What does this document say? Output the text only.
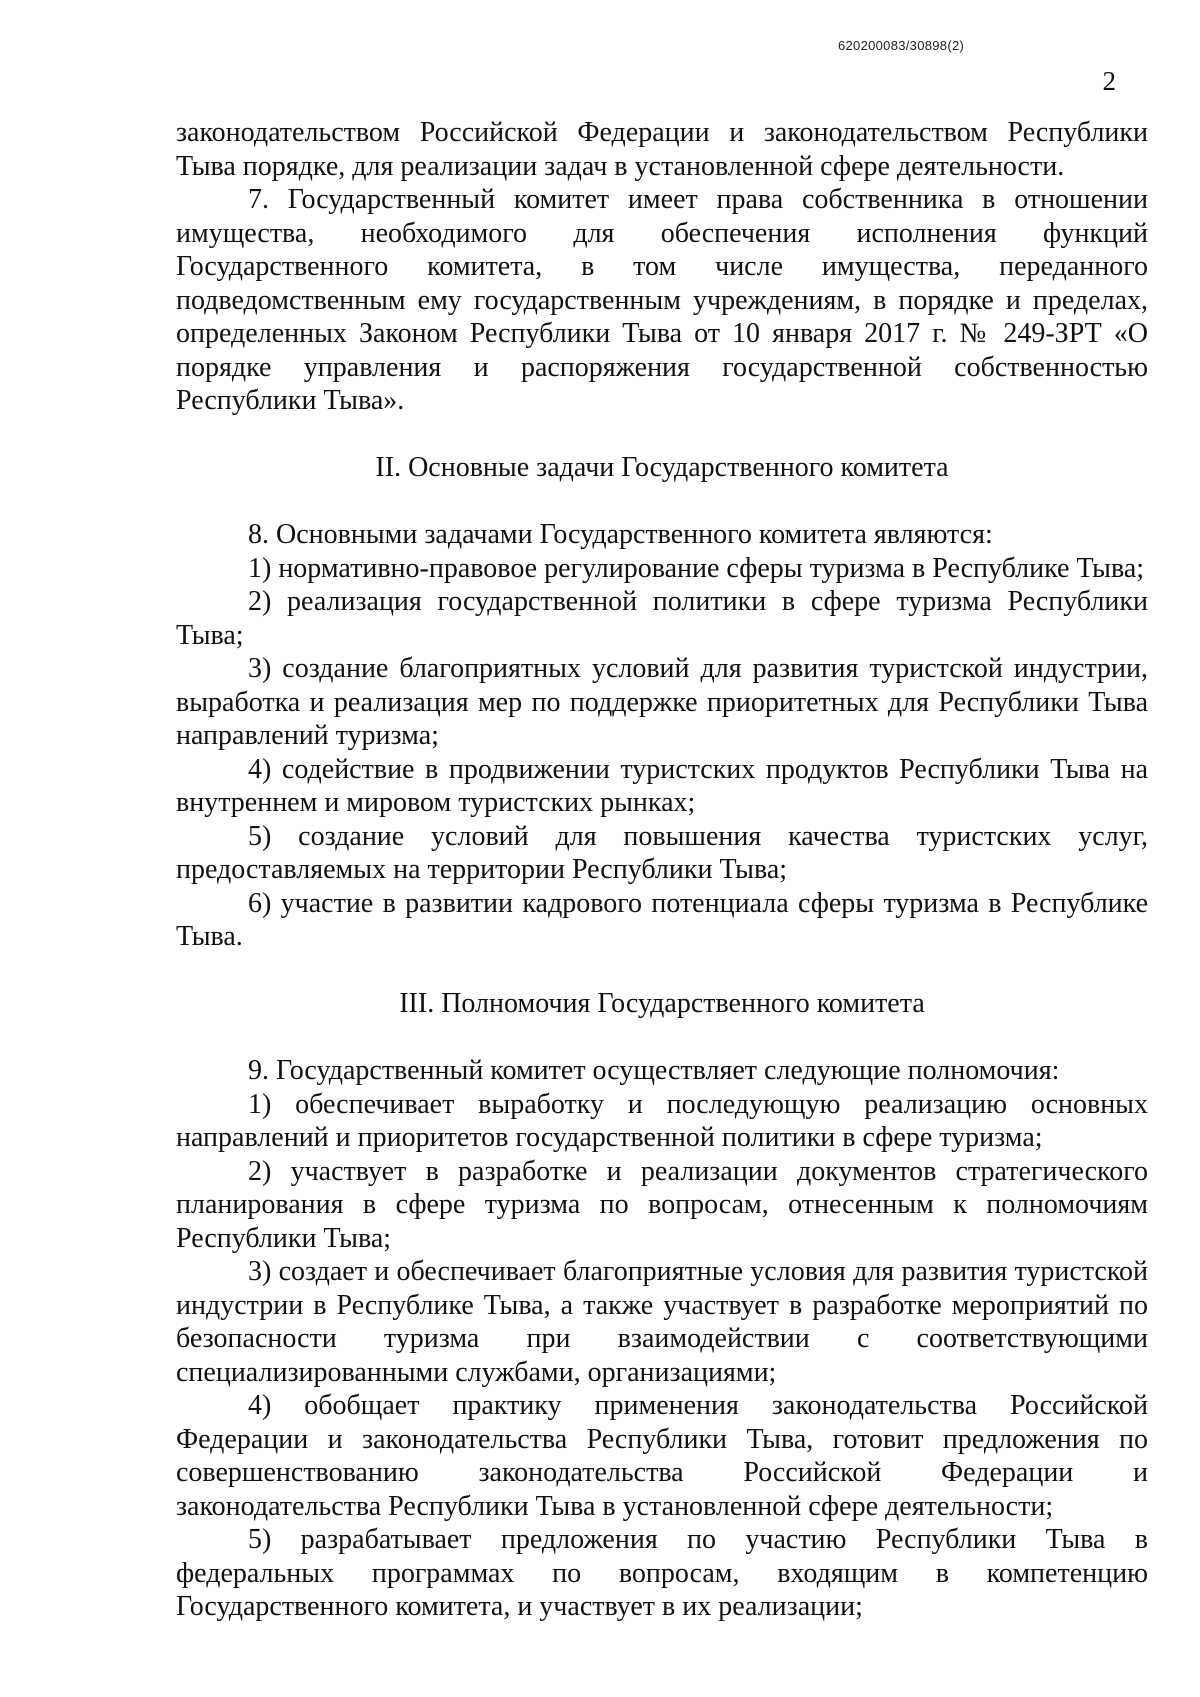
620200083/30898(2)
2

законодательством Российской Федерации и законодательством Республики Тыва порядке, для реализации задач в установленной сфере деятельности.

7. Государственный комитет имеет права собственника в отношении имущества, необходимого для обеспечения исполнения функций Государственного комитета, в том числе имущества, переданного подведомственным ему государственным учреждениям, в порядке и пределах, определенных Законом Республики Тыва от 10 января 2017 г. № 249-ЗРТ «О порядке управления и распоряжения государственной собственностью Республики Тыва».

II. Основные задачи Государственного комитета

8. Основными задачами Государственного комитета являются:

1) нормативно-правовое регулирование сферы туризма в Республике Тыва;

2) реализация государственной политики в сфере туризма Республики Тыва;

3) создание благоприятных условий для развития туристской индустрии, выработка и реализация мер по поддержке приоритетных для Республики Тыва направлений туризма;

4) содействие в продвижении туристских продуктов Республики Тыва на внутреннем и мировом туристских рынках;

5) создание условий для повышения качества туристских услуг, предоставляемых на территории Республики Тыва;

6) участие в развитии кадрового потенциала сферы туризма в Республике Тыва.

III. Полномочия Государственного комитета

9. Государственный комитет осуществляет следующие полномочия:

1) обеспечивает выработку и последующую реализацию основных направлений и приоритетов государственной политики в сфере туризма;

2) участвует в разработке и реализации документов стратегического планирования в сфере туризма по вопросам, отнесенным к полномочиям Республики Тыва;

3) создает и обеспечивает благоприятные условия для развития туристской индустрии в Республике Тыва, а также участвует в разработке мероприятий по безопасности туризма при взаимодействии с соответствующими специализированными службами, организациями;

4) обобщает практику применения законодательства Российской Федерации и законодательства Республики Тыва, готовит предложения по совершенствованию законодательства Российской Федерации и законодательства Республики Тыва в установленной сфере деятельности;

5) разрабатывает предложения по участию Республики Тыва в федеральных программах по вопросам, входящим в компетенцию Государственного комитета, и участвует в их реализации;
